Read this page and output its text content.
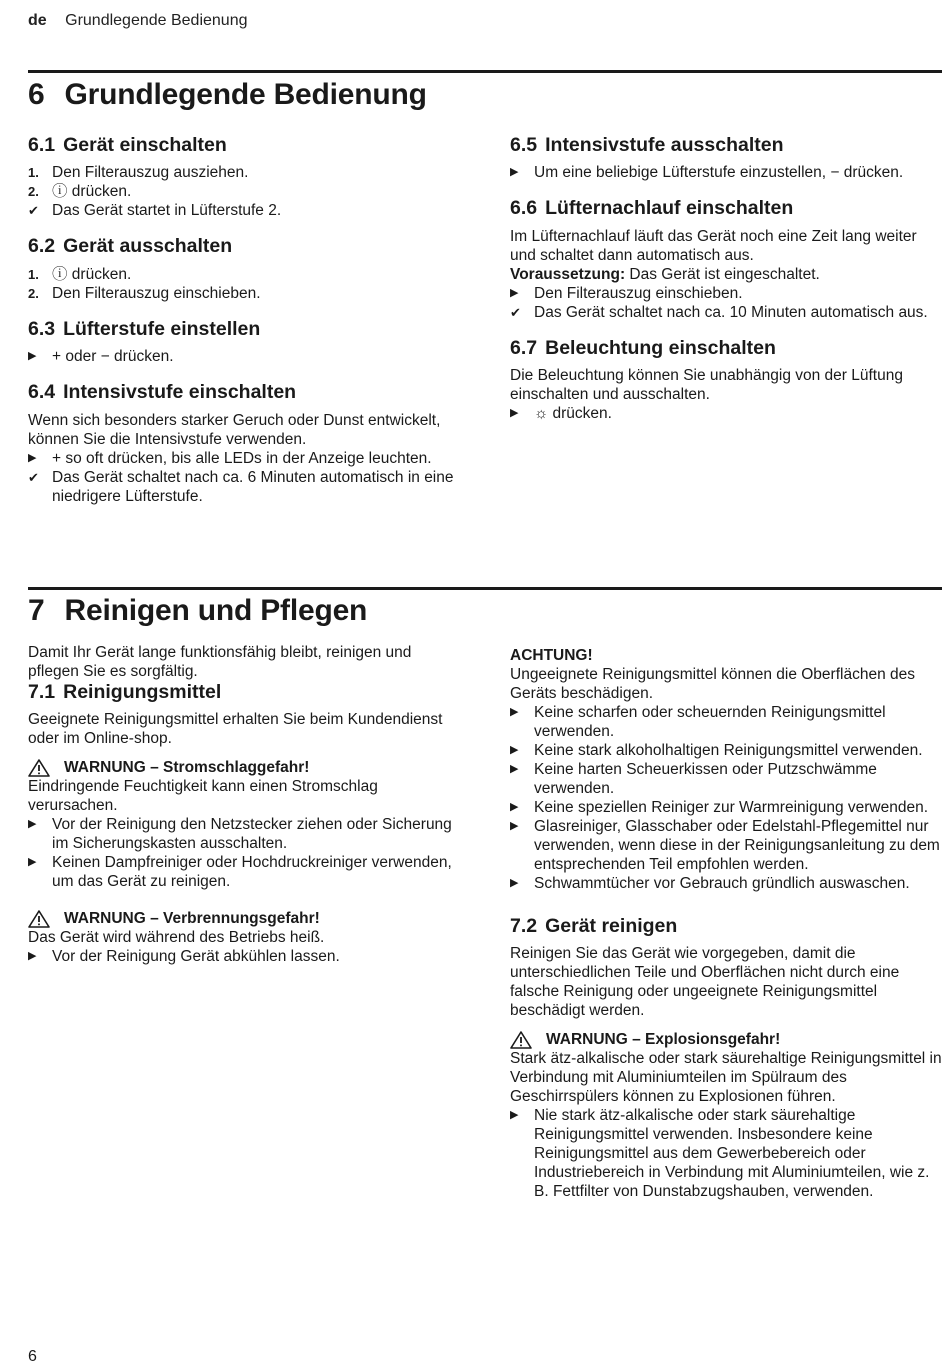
de Grundlegende Bedienung
6 Grundlegende Bedienung
6.1 Gerät einschalten
1. Den Filterauszug ausziehen.
2. ⓘ drücken.
✔ Das Gerät startet in Lüfterstufe 2.
6.2 Gerät ausschalten
1. ⓘ drücken.
2. Den Filterauszug einschieben.
6.3 Lüfterstufe einstellen
▶	+ oder − drücken.
6.4 Intensivstufe einschalten

Wenn sich besonders starker Geruch oder Dunst entwickelt, können Sie die Intensivstufe verwenden.

▶	+ so oft drücken, bis alle LEDs in der Anzeige leuchten.
✔ Das Gerät schaltet nach ca. 6 Minuten automatisch in eine niedrigere Lüfterstufe.
6.5 Intensivstufe ausschalten
▶	Um eine beliebige Lüfterstufe einzustellen, − drücken.
6.6 Lüfternachlauf einschalten

Im Lüfternachlauf läuft das Gerät noch eine Zeit lang weiter und schaltet dann automatisch aus.

Voraussetzung: Das Gerät ist eingeschaltet.

▶	Den Filterauszug einschieben.
✔ Das Gerät schaltet nach ca. 10 Minuten automatisch aus.
6.7 Beleuchtung einschalten

Die Beleuchtung können Sie unabhängig von der Lüftung einschalten und ausschalten.

▶	☼ drücken.
7 Reinigen und Pflegen

Damit Ihr Gerät lange funktionsfähig bleibt, reinigen und pflegen Sie es sorgfältig.

7.1 Reinigungsmittel

Geeignete Reinigungsmittel erhalten Sie beim Kundendienst oder im Online-shop.

WARNUNG – Stromschlaggefahr!

Eindringende Feuchtigkeit kann einen Stromschlag verursachen.

▶	Vor der Reinigung den Netzstecker ziehen oder Sicherung im Sicherungskasten ausschalten.
▶	Keinen Dampfreiniger oder Hochdruckreiniger verwenden, um das Gerät zu reinigen.
WARNUNG – Verbrennungsgefahr!

Das Gerät wird während des Betriebs heiß.

▶	Vor der Reinigung Gerät abkühlen lassen.

ACHTUNG!

Ungeeignete Reinigungsmittel können die Oberflächen des Geräts beschädigen.

▶	Keine scharfen oder scheuernden Reinigungsmittel verwenden.
▶	Keine stark alkoholhaltigen Reinigungsmittel verwenden.
▶	Keine harten Scheuerkissen oder Putzschwämme verwenden.
▶	Keine speziellen Reiniger zur Warmreinigung verwenden.
▶	Glasreiniger, Glasschaber oder Edelstahl-Pflegemittel nur verwenden, wenn diese in der Reinigungsanleitung zu dem entsprechenden Teil empfohlen werden.
▶	Schwammtücher vor Gebrauch gründlich auswaschen.
7.2 Gerät reinigen

Reinigen Sie das Gerät wie vorgegeben, damit die unterschiedlichen Teile und Oberflächen nicht durch eine falsche Reinigung oder ungeeignete Reinigungsmittel beschädigt werden.

WARNUNG – Explosionsgefahr!

Stark ätz-alkalische oder stark säurehaltige Reinigungsmittel in Verbindung mit Aluminiumteilen im Spülraum des Geschirrspülers können zu Explosionen führen.

▶	Nie stark ätz-alkalische oder stark säurehaltige Reinigungsmittel verwenden. Insbesondere keine Reinigungsmittel aus dem Gewerbebereich oder Industriebereich in Verbindung mit Aluminiumteilen, wie z. B. Fettfilter von Dunstabzugshauben, verwenden.
6
